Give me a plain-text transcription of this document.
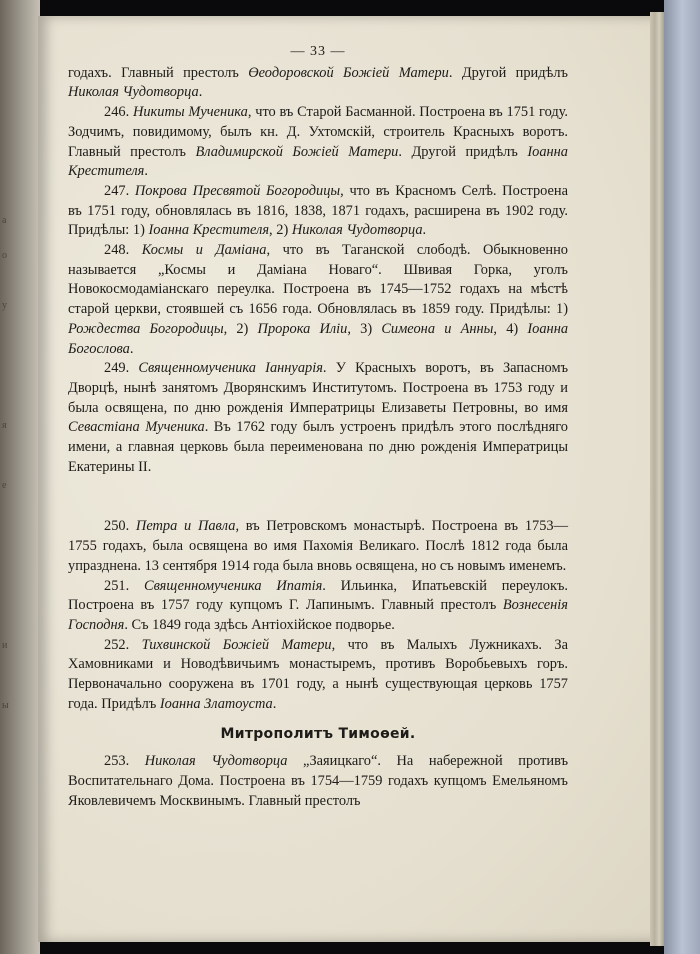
а
о
у
я
е
и
ы
— 33 —

годахъ. Главный престолъ Өеодоровской Божіей Матери. Другой придѣлъ Николая Чудотворца.

246. Никиты Мученика, что въ Старой Басманной. Построена въ 1751 году. Зодчимъ, повидимому, былъ кн. Д. Ухтомскій, строитель Красныхъ воротъ. Главный престолъ Владимирской Божіей Матери. Другой придѣлъ Іоанна Крестителя.

247. Покрова Пресвятой Богородицы, что въ Красномъ Селѣ. Построена въ 1751 году, обновлялась въ 1816, 1838, 1871 годахъ, расширена въ 1902 году. Придѣлы: 1) Іоанна Крестителя, 2) Николая Чудотворца.

248. Космы и Даміана, что въ Таганской слободѣ. Обыкновенно называется „Космы и Даміана Новаго“. Швивая Горка, уголъ Новокосмодаміанскаго переулка. Построена въ 1745—1752 годахъ на мѣстѣ старой церкви, стоявшей съ 1656 года. Обновлялась въ 1859 году. Придѣлы: 1) Рождества Богородицы, 2) Пророка Иліи, 3) Симеона и Анны, 4) Іоанна Богослова.

249. Священномученика Іаннуарія. У Красныхъ воротъ, въ Запасномъ Дворцѣ, нынѣ занятомъ Дворянскимъ Институтомъ. Построена въ 1753 году и была освящена, по дню рожденія Императрицы Елизаветы Петровны, во имя Севастіана Мученика. Въ 1762 году былъ устроенъ придѣлъ этого послѣдняго имени, а главная церковь была переименована по дню рожденія Императрицы Екатерины II.

250. Петра и Павла, въ Петровскомъ монастырѣ. Построена въ 1753—1755 годахъ, была освящена во имя Пахомія Великаго. Послѣ 1812 года была упразднена. 13 сентября 1914 года была вновь освящена, но съ новымъ именемъ.

251. Священномученика Ипатія. Ильинка, Ипатьевскій переулокъ. Построена въ 1757 году купцомъ Г. Лапинымъ. Главный престолъ Вознесенія Господня. Съ 1849 года здѣсь Антіохійское подворье.

252. Тихвинской Божіей Матери, что въ Малыхъ Лужникахъ. За Хамовниками и Новодѣвичьимъ монастыремъ, противъ Воробьевыхъ горъ. Первоначально сооружена въ 1701 году, а нынѣ существующая церковь 1757 года. Придѣлъ Іоанна Златоуста.

Митрополитъ Тимоѳей.

253. Николая Чудотворца „Заяицкаго“. На набережной противъ Воспитательнаго Дома. Построена въ 1754—1759 годахъ купцомъ Емельяномъ Яковлевичемъ Москвинымъ. Главный престолъ
